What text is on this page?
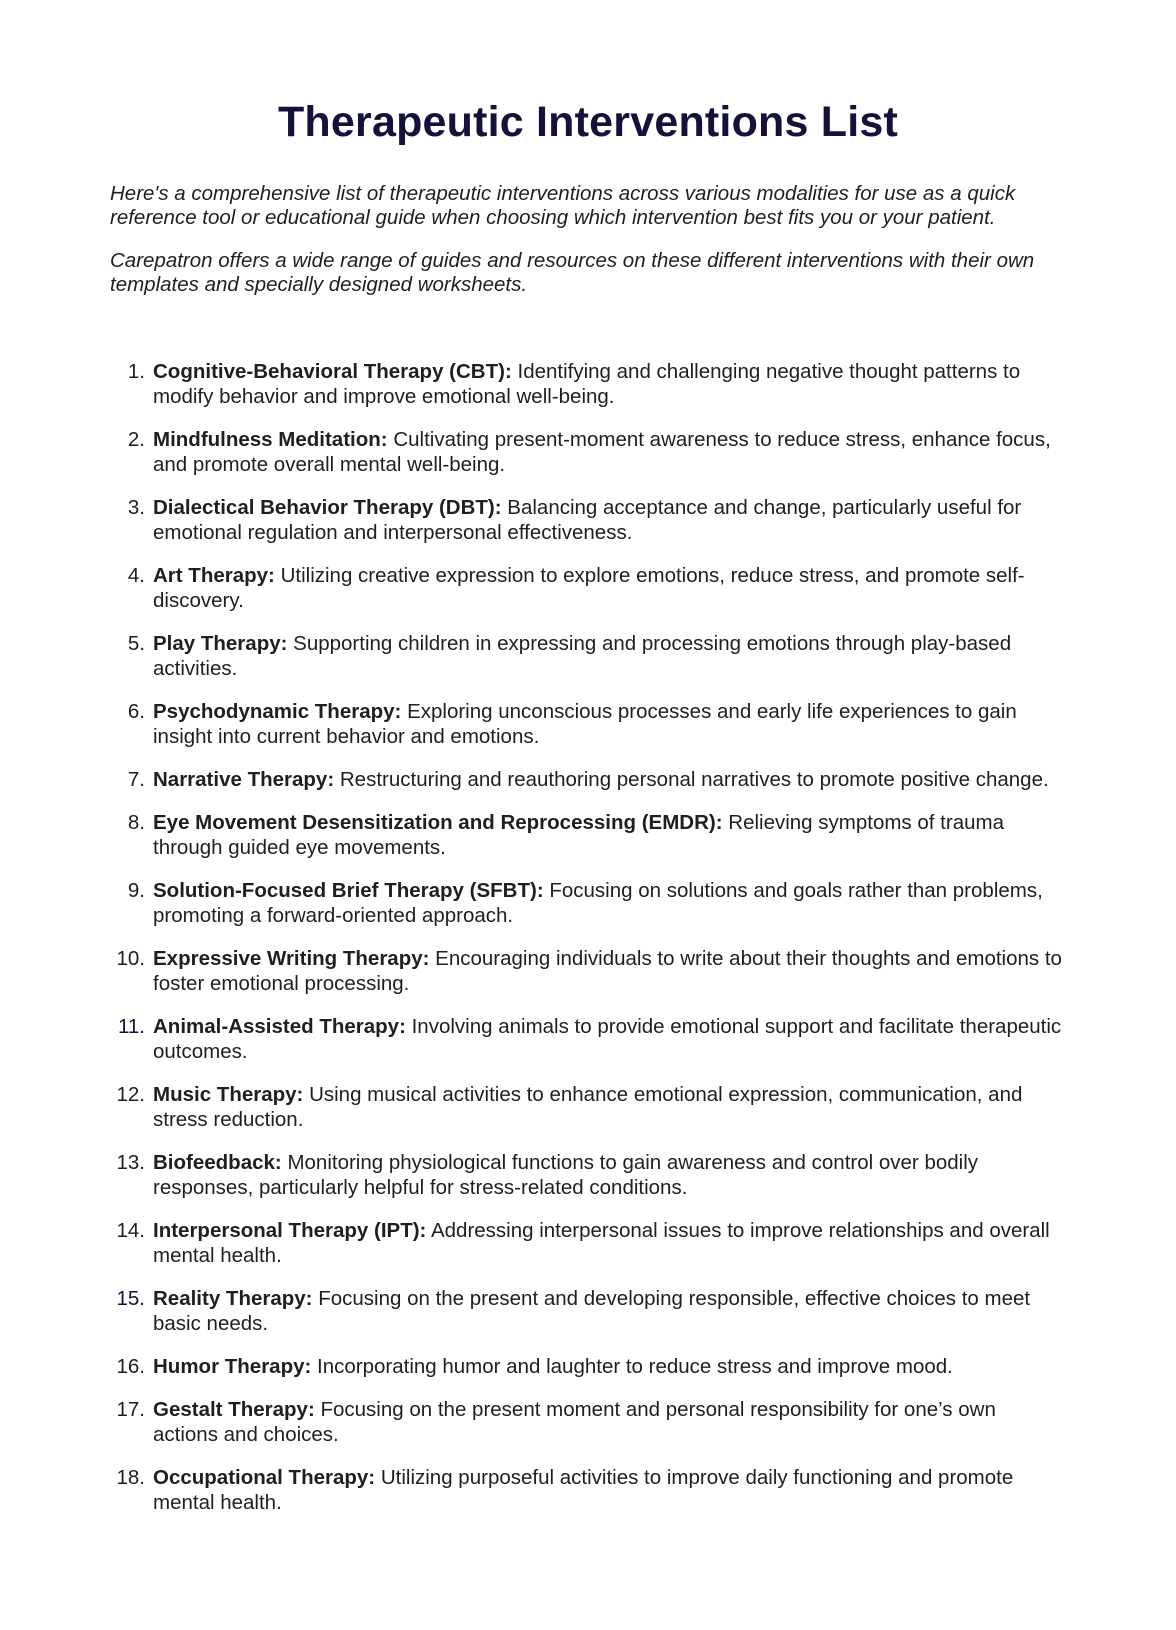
Therapeutic Interventions List

Here's a comprehensive list of therapeutic interventions across various modalities for use as a quick reference tool or educational guide when choosing which intervention best fits you or your patient.

Carepatron offers a wide range of guides and resources on these different interventions with their own templates and specially designed worksheets.

1. Cognitive-Behavioral Therapy (CBT): Identifying and challenging negative thought patterns to modify behavior and improve emotional well-being.
2. Mindfulness Meditation: Cultivating present-moment awareness to reduce stress, enhance focus, and promote overall mental well-being.
3. Dialectical Behavior Therapy (DBT): Balancing acceptance and change, particularly useful for emotional regulation and interpersonal effectiveness.
4. Art Therapy: Utilizing creative expression to explore emotions, reduce stress, and promote self-discovery.
5. Play Therapy: Supporting children in expressing and processing emotions through play-based activities.
6. Psychodynamic Therapy: Exploring unconscious processes and early life experiences to gain insight into current behavior and emotions.
7. Narrative Therapy: Restructuring and reauthoring personal narratives to promote positive change.
8. Eye Movement Desensitization and Reprocessing (EMDR): Relieving symptoms of trauma through guided eye movements.
9. Solution-Focused Brief Therapy (SFBT): Focusing on solutions and goals rather than problems, promoting a forward-oriented approach.
10. Expressive Writing Therapy: Encouraging individuals to write about their thoughts and emotions to foster emotional processing.
11. Animal-Assisted Therapy: Involving animals to provide emotional support and facilitate therapeutic outcomes.
12. Music Therapy: Using musical activities to enhance emotional expression, communication, and stress reduction.
13. Biofeedback: Monitoring physiological functions to gain awareness and control over bodily responses, particularly helpful for stress-related conditions.
14. Interpersonal Therapy (IPT): Addressing interpersonal issues to improve relationships and overall mental health.
15. Reality Therapy: Focusing on the present and developing responsible, effective choices to meet basic needs.
16. Humor Therapy: Incorporating humor and laughter to reduce stress and improve mood.
17. Gestalt Therapy: Focusing on the present moment and personal responsibility for one’s own actions and choices.
18. Occupational Therapy: Utilizing purposeful activities to improve daily functioning and promote mental health.
